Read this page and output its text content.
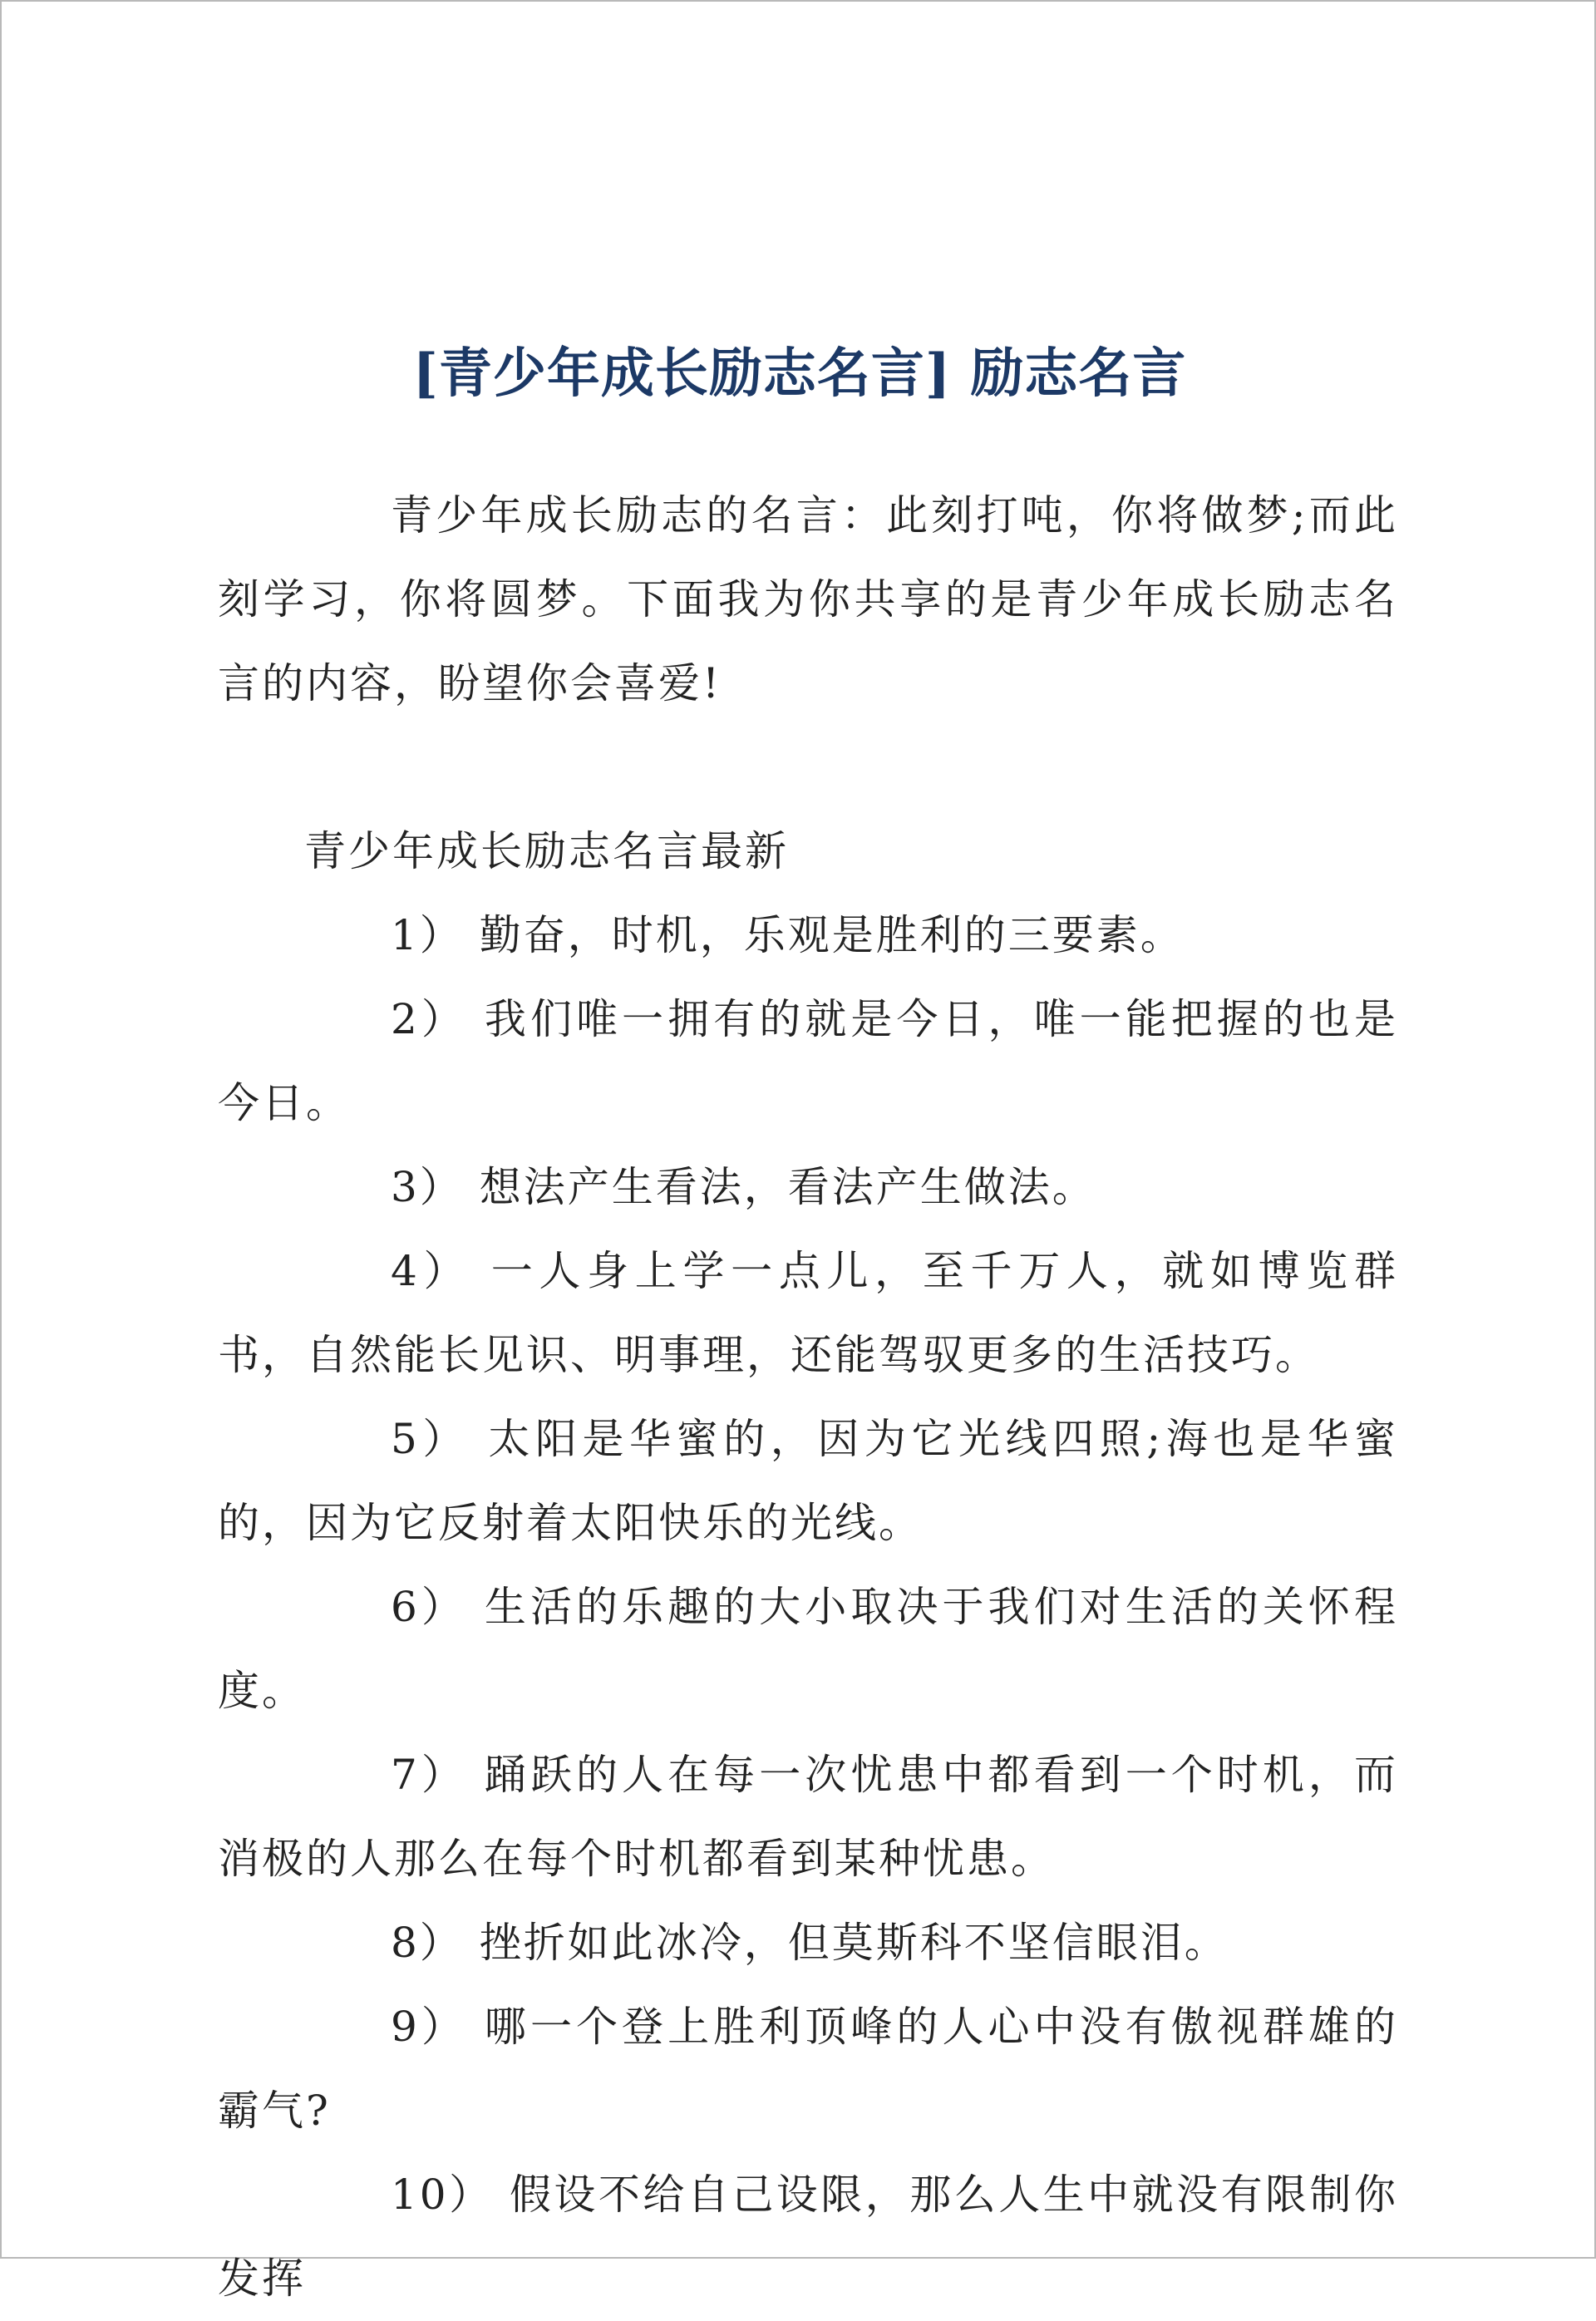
[青少年成长励志名言] 励志名言

青少年成长励志的名言：此刻打吨，你将做梦;而此刻学习，你将圆梦。下面我为你共享的是青少年成长励志名言的内容，盼望你会喜爱!

青少年成长励志名言最新

1） 勤奋，时机，乐观是胜利的三要素。

2） 我们唯一拥有的就是今日，唯一能把握的也是今日。

3） 想法产生看法，看法产生做法。

4） 一人身上学一点儿，至千万人，就如博览群书，自然能长见识、明事理，还能驾驭更多的生活技巧。

5） 太阳是华蜜的，因为它光线四照;海也是华蜜的，因为它反射着太阳快乐的光线。

6） 生活的乐趣的大小取决于我们对生活的关怀程度。

7） 踊跃的人在每一次忧患中都看到一个时机，而消极的人那么在每个时机都看到某种忧患。

8） 挫折如此冰冷，但莫斯科不坚信眼泪。

9） 哪一个登上胜利顶峰的人心中没有傲视群雄的霸气?

10） 假设不给自己设限，那么人生中就没有限制你发挥
